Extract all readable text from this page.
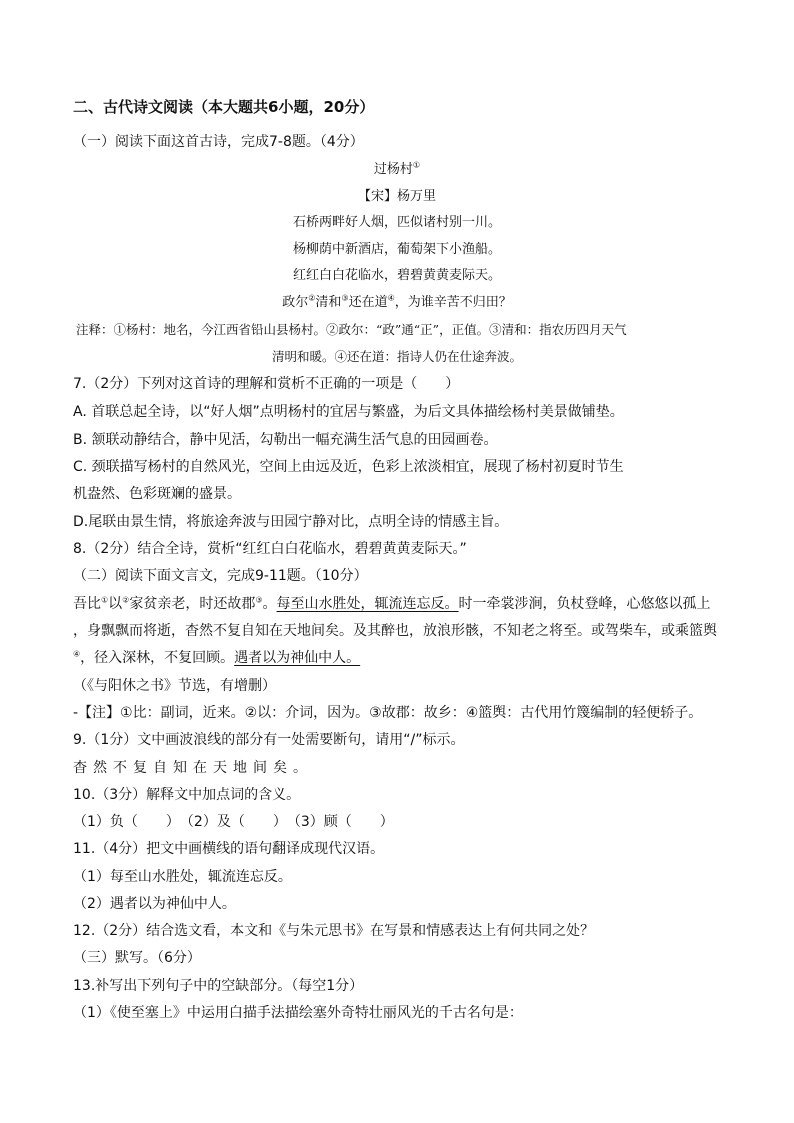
二、古代诗文阅读（本大题共6小题，20分）
（一）阅读下面这首古诗，完成7-8题。（4分）
过杨村①
【宋】杨万里
石桥两畔好人烟，匹似诸村别一川。
杨柳荫中新酒店，葡萄架下小渔船。
红红白白花临水，碧碧黄黄麦际天。
政尔②清和③还在道④，为谁辛苦不归田？
注释：①杨村：地名，今江西省铅山县杨村。②政尔：“政”通“正”，正值。③清和：指农历四月天气
清明和暖。④还在道：指诗人仍在仕途奔波。
7.（2分）下列对这首诗的理解和赏析不正确的一项是（　　）
A. 首联总起全诗，以“好人烟”点明杨村的宜居与繁盛，为后文具体描绘杨村美景做铺垫。
B. 颔联动静结合，静中见活，勾勒出一幅充满生活气息的田园画卷。
C. 颈联描写杨村的自然风光，空间上由远及近，色彩上浓淡相宜，展现了杨村初夏时节生
机盎然、色彩斑斓的盛景。
D.尾联由景生情，将旅途奔波与田园宁静对比，点明全诗的情感主旨。
8.（2分）结合全诗，赏析“红红白白花临水，碧碧黄黄麦际天。”
（二）阅读下面文言文，完成9-11题。（10分）
吾比①以②家贫亲老，时还故郡③。每至山水胜处，辄流连忘反。时一牵裳涉涧，负杖登峰，心悠悠以孤上
，身飘飘而将逝，杳然不复自知在天地间矣。及其醉也，放浪形骸，不知老之将至。或驾柴车，或乘篮舆
④，径入深林，不复回顾。遇者以为神仙中人。
（《与阳休之书》节选，有增删）
-【注】①比：副词，近来。②以：介词，因为。③故郡：故乡：④篮舆：古代用竹篾编制的轻便轿子。
9.（1分）文中画波浪线的部分有一处需要断句，请用“/”标示。
杳然不复自知在天地间矣。
10.（3分）解释文中加点词的含义。
（1）负（　　）　（2）及（　　）　（3）顾（　　）
11.（4分）把文中画横线的语句翻译成现代汉语。
（1）每至山水胜处，辄流连忘反。
（2）遇者以为神仙中人。
12.（2分）结合选文看，本文和《与朱元思书》在写景和情感表达上有何共同之处？
（三）默写。（6分）
13.补写出下列句子中的空缺部分。（每空1分）
（1）《使至塞上》中运用白描手法描绘塞外奇特壮丽风光的千古名句是：
